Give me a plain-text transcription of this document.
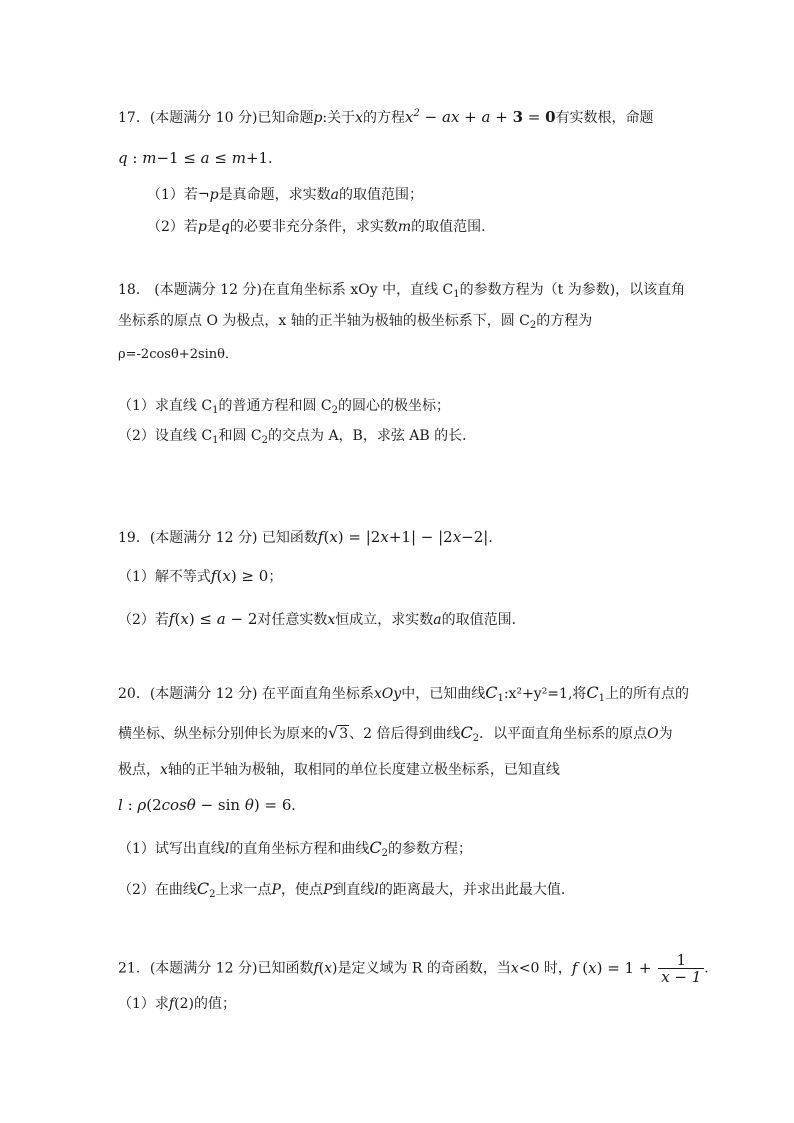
17．(本题满分 10 分)已知命题p:关于x的方程$x^2$ − ax + a + 3 = 0有实数根，命题
q : m−1 ≤ a ≤ m+1．
（1）若¬p是真命题，求实数a的取值范围；
（2）若p是q的必要非充分条件，求实数m的取值范围．
18． (本题满分 12 分)在直角坐标系 xOy 中，直线 $C_1$的参数方程为（t 为参数)，以该直角
坐标系的原点 O 为极点，x 轴的正半轴为极轴的极坐标系下，圆 $C_2$的方程为
ρ=-2cosθ+2sinθ．
（1）求直线 $C_1$的普通方程和圆 $C_2$的圆心的极坐标；
（2）设直线 $C_1$和圆 $C_2$的交点为 A，B，求弦 AB 的长．
19．(本题满分 12 分) 已知函数f(x) = |2x+1| − |2x−2|．
（1）解不等式f(x) ≥ 0；
（2）若f(x) ≤ a − 2对任意实数x恒成立，求实数a的取值范围.
20．(本题满分 12 分) 在平面直角坐标系xOy中，已知曲线$C_1:x^2+y^2=1$,将$C_1$上的所有点的
横坐标、纵坐标分别伸长为原来的√3、2 倍后得到曲线$C_2$．以平面直角坐标系的原点O为
极点，x轴的正半轴为极轴，取相同的单位长度建立极坐标系，已知直线
l : ρ(2cosθ − sin θ) = 6．
（1）试写出直线l的直角坐标方程和曲线$C_2$的参数方程；
（2）在曲线$C_2$上求一点P，使点P到直线l的距离最大，并求出此最大值.
21．(本题满分 12 分)已知函数f(x)是定义域为 R 的奇函数，当x<0 时，f $(x) = 1 + \frac{1}{x - 1}$ .
（1）求f(2)的值；
